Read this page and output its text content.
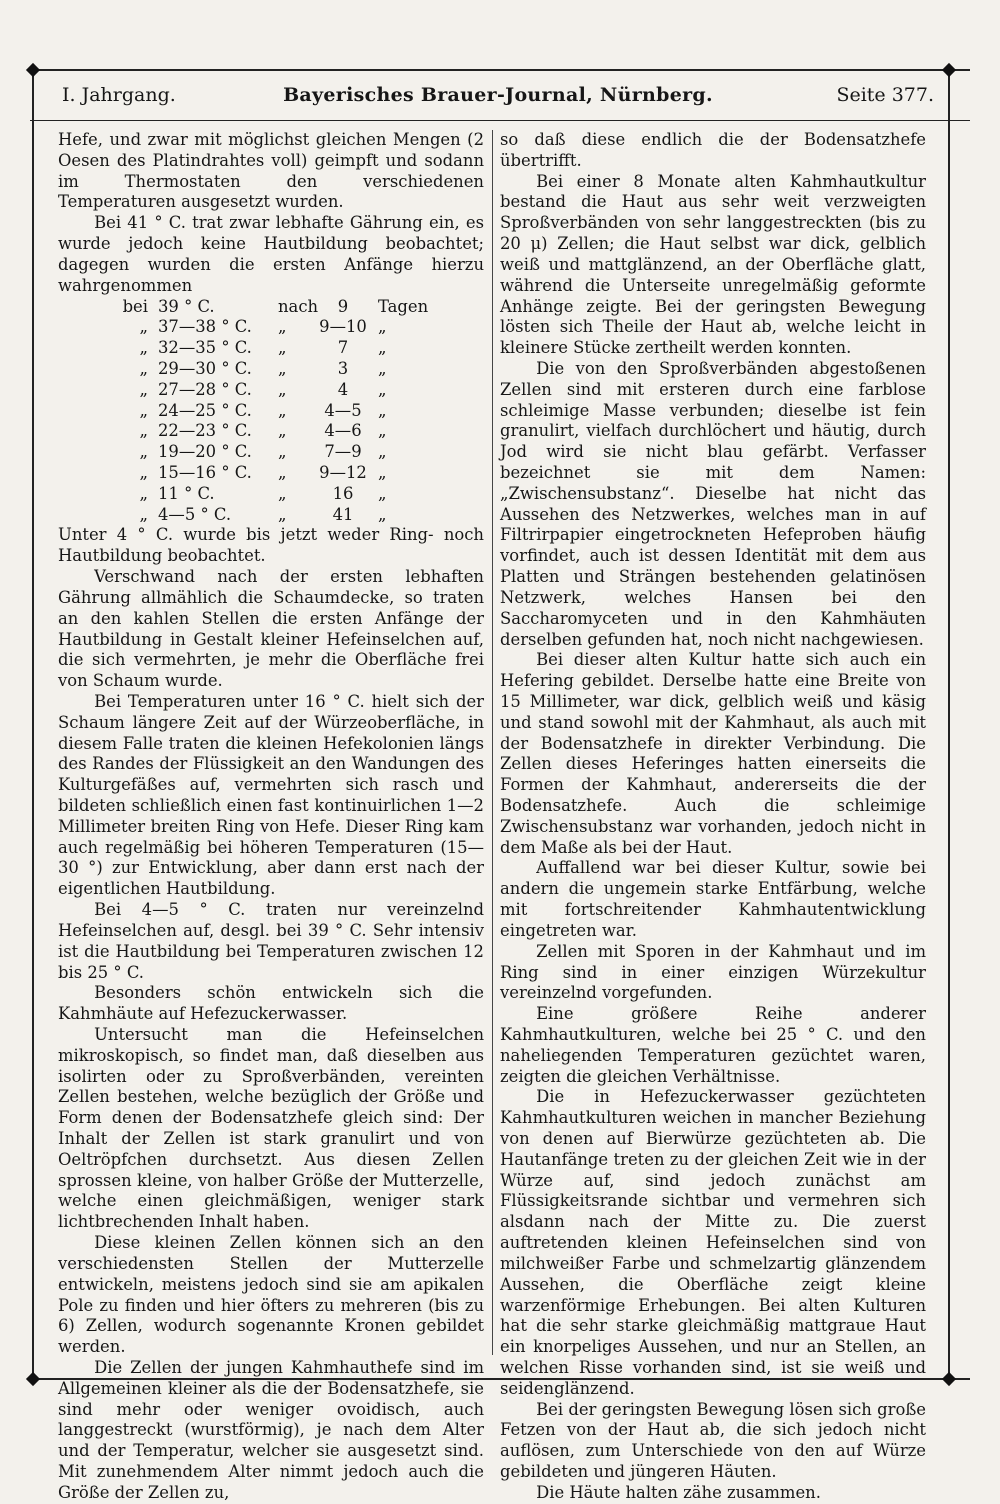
I. Jahrgang.	Bayerisches Brauer-Journal, Nürnberg.	Seite 377.

Hefe, und zwar mit möglichst gleichen Mengen (2 Oesen des Platindrahtes voll) geimpft und sodann im Thermostaten den verschiedenen Temperaturen ausgesetzt wurden.

Bei 41 ° C. trat zwar lebhafte Gährung ein, es wurde jedoch keine Hautbildung beobachtet; dagegen wurden die ersten Anfänge hierzu wahrgenommen

bei 39 ° C.	nach	9	Tagen
„ 37—38 ° C.	„	9—10 „
„ 32—35 ° C.	„	7	„
„ 29—30 ° C.	„	3	„
„ 27—28 ° C.	„	4	„
„ 24—25 ° C.	„	4—5 „
„ 22—23 ° C.	„	4—6 „
„ 19—20 ° C.	„	7—9 „
„ 15—16 ° C.	„	9—12 „
„ 11 ° C.	„	16	„
„ 4—5 ° C.	„	41	„

Unter 4 ° C. wurde bis jetzt weder Ring- noch Hautbildung beobachtet.

Verschwand nach der ersten lebhaften Gährung allmählich die Schaumdecke, so traten an den kahlen Stellen die ersten Anfänge der Hautbildung in Gestalt kleiner Hefeinselchen auf, die sich vermehrten, je mehr die Oberfläche frei von Schaum wurde.

Bei Temperaturen unter 16 ° C. hielt sich der Schaum längere Zeit auf der Würzeoberfläche, in diesem Falle traten die kleinen Hefekolonien längs des Randes der Flüssigkeit an den Wandungen des Kulturgefäßes auf, vermehrten sich rasch und bildeten schließlich einen fast kontinuirlichen 1—2 Millimeter breiten Ring von Hefe. Dieser Ring kam auch regelmäßig bei höheren Temperaturen (15—30 °) zur Entwicklung, aber dann erst nach der eigentlichen Hautbildung.

Bei 4—5 ° C. traten nur vereinzelnd Hefeinselchen auf, desgl. bei 39 ° C. Sehr intensiv ist die Hautbildung bei Temperaturen zwischen 12 bis 25 ° C.

Besonders schön entwickeln sich die Kahmhäute auf Hefezuckerwasser.

Untersucht man die Hefeinselchen mikroskopisch, so findet man, daß dieselben aus isolirten oder zu Sproßverbänden, vereinten Zellen bestehen, welche bezüglich der Größe und Form denen der Bodensatzhefe gleich sind: Der Inhalt der Zellen ist stark granulirt und von Oeltröpfchen durchsetzt. Aus diesen Zellen sprossen kleine, von halber Größe der Mutterzelle, welche einen gleichmäßigen, weniger stark lichtbrechenden Inhalt haben.

Diese kleinen Zellen können sich an den verschiedensten Stellen der Mutterzelle entwickeln, meistens jedoch sind sie am apikalen Pole zu finden und hier öfters zu mehreren (bis zu 6) Zellen, wodurch sogenannte Kronen gebildet werden.

Die Zellen der jungen Kahmhauthefe sind im Allgemeinen kleiner als die der Bodensatzhefe, sie sind mehr oder weniger ovoidisch, auch langgestreckt (wurstförmig), je nach dem Alter und der Temperatur, welcher sie ausgesetzt sind. Mit zunehmendem Alter nimmt jedoch auch die Größe der Zellen zu,

so daß diese endlich die der Bodensatzhefe übertrifft.

Bei einer 8 Monate alten Kahmhautkultur bestand die Haut aus sehr weit verzweigten Sproßverbänden von sehr langgestreckten (bis zu 20 μ) Zellen; die Haut selbst war dick, gelblich weiß und mattglänzend, an der Oberfläche glatt, während die Unterseite unregelmäßig geformte Anhänge zeigte. Bei der geringsten Bewegung lösten sich Theile der Haut ab, welche leicht in kleinere Stücke zertheilt werden konnten.

Die von den Sproßverbänden abgestoßenen Zellen sind mit ersteren durch eine farblose schleimige Masse verbunden; dieselbe ist fein granulirt, vielfach durchlöchert und häutig, durch Jod wird sie nicht blau gefärbt. Verfasser bezeichnet sie mit dem Namen: „Zwischensubstanz“. Dieselbe hat nicht das Aussehen des Netzwerkes, welches man in auf Filtrirpapier eingetrockneten Hefeproben häufig vorfindet, auch ist dessen Identität mit dem aus Platten und Strängen bestehenden gelatinösen Netzwerk, welches Hansen bei den Saccharomyceten und in den Kahmhäuten derselben gefunden hat, noch nicht nachgewiesen.

Bei dieser alten Kultur hatte sich auch ein Hefering gebildet. Derselbe hatte eine Breite von 15 Millimeter, war dick, gelblich weiß und käsig und stand sowohl mit der Kahmhaut, als auch mit der Bodensatzhefe in direkter Verbindung. Die Zellen dieses Heferinges hatten einerseits die Formen der Kahmhaut, andererseits die der Bodensatzhefe. Auch die schleimige Zwischensubstanz war vorhanden, jedoch nicht in dem Maße als bei der Haut.

Auffallend war bei dieser Kultur, sowie bei andern die ungemein starke Entfärbung, welche mit fortschreitender Kahmhautentwicklung eingetreten war.

Zellen mit Sporen in der Kahmhaut und im Ring sind in einer einzigen Würzekultur vereinzelnd vorgefunden.

Eine größere Reihe anderer Kahmhautkulturen, welche bei 25 ° C. und den naheliegenden Temperaturen gezüchtet waren, zeigten die gleichen Verhältnisse.

Die in Hefezuckerwasser gezüchteten Kahmhautkulturen weichen in mancher Beziehung von denen auf Bierwürze gezüchteten ab. Die Hautanfänge treten zu der gleichen Zeit wie in der Würze auf, sind jedoch zunächst am Flüssigkeitsrande sichtbar und vermehren sich alsdann nach der Mitte zu. Die zuerst auftretenden kleinen Hefeinselchen sind von milchweißer Farbe und schmelzartig glänzendem Aussehen, die Oberfläche zeigt kleine warzenförmige Erhebungen. Bei alten Kulturen hat die sehr starke gleichmäßig mattgraue Haut ein knorpeliges Aussehen, und nur an Stellen, an welchen Risse vorhanden sind, ist sie weiß und seidenglänzend.

Bei der geringsten Bewegung lösen sich große Fetzen von der Haut ab, die sich jedoch nicht auflösen, zum Unterschiede von den auf Würze gebildeten und jüngeren Häuten.

Die Häute halten zähe zusammen.
